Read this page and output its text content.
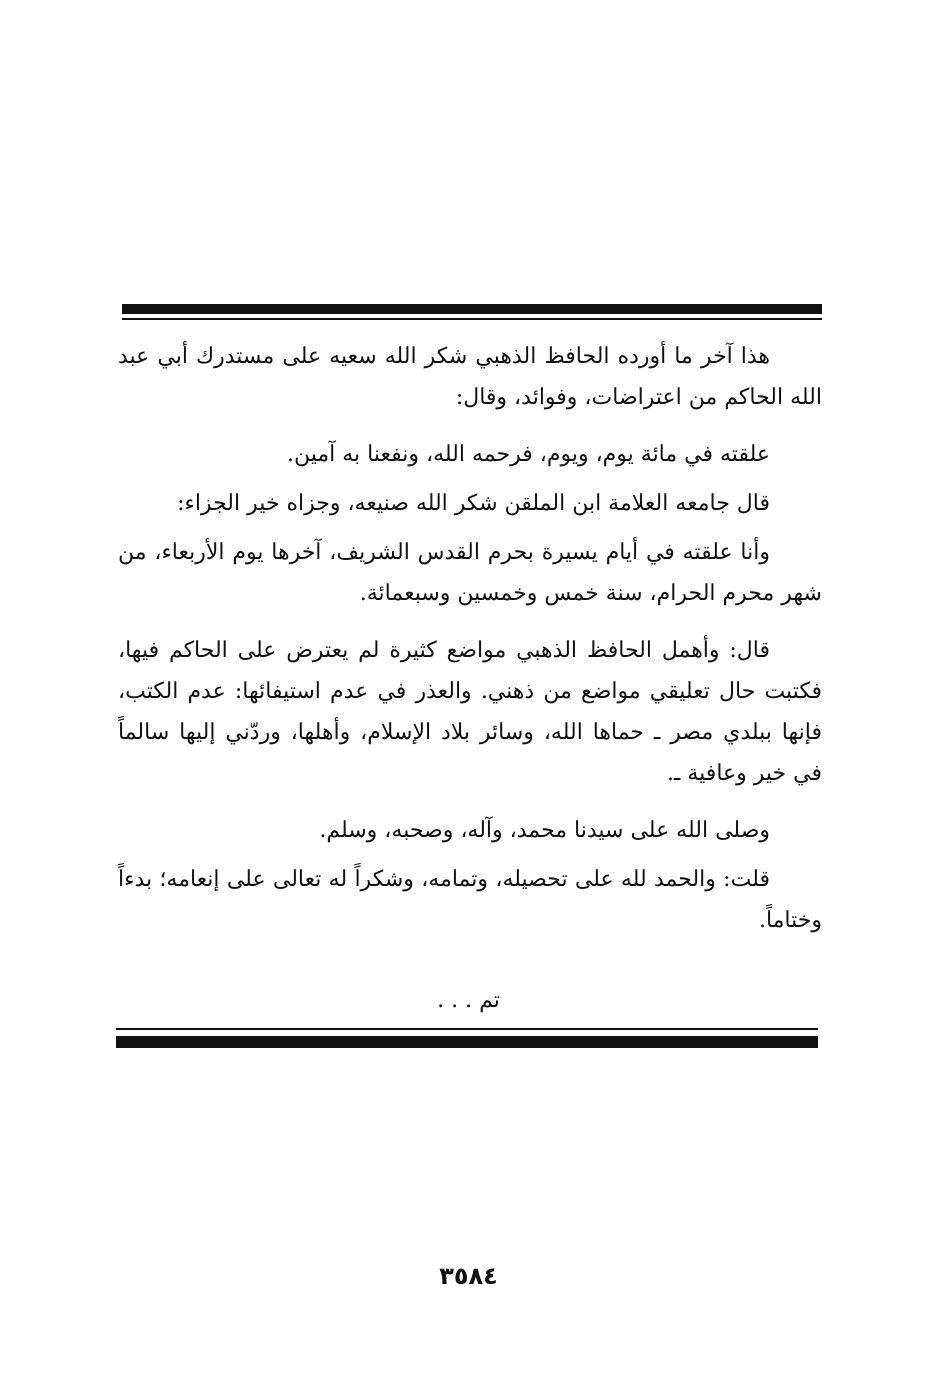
هذا آخر ما أورده الحافظ الذهبي شكر الله سعيه على مستدرك أبي عبد الله الحاكم من اعتراضات، وفوائد، وقال:

علقته في مائة يوم، ويوم، فرحمه الله، ونفعنا به آمين.

قال جامعه العلامة ابن الملقن شكر الله صنيعه، وجزاه خير الجزاء:

وأنا علقته في أيام يسيرة بحرم القدس الشريف، آخرها يوم الأربعاء، من شهر محرم الحرام، سنة خمس وخمسين وسبعمائة.

قال: وأهمل الحافظ الذهبي مواضع كثيرة لم يعترض على الحاكم فيها، فكتبت حال تعليقي مواضع من ذهني. والعذر في عدم استيفائها: عدم الكتب، فإنها ببلدي مصر ـ حماها الله، وسائر بلاد الإسلام، وأهلها، وردّني إليها سالماً في خير وعافية ـ.

وصلى الله على سيدنا محمد، وآله، وصحبه، وسلم.

قلت: والحمد لله على تحصيله، وتمامه، وشكراً له تعالى على إنعامه؛ بدءاً وختاماً.

تم . . .
٣٥٨٤
